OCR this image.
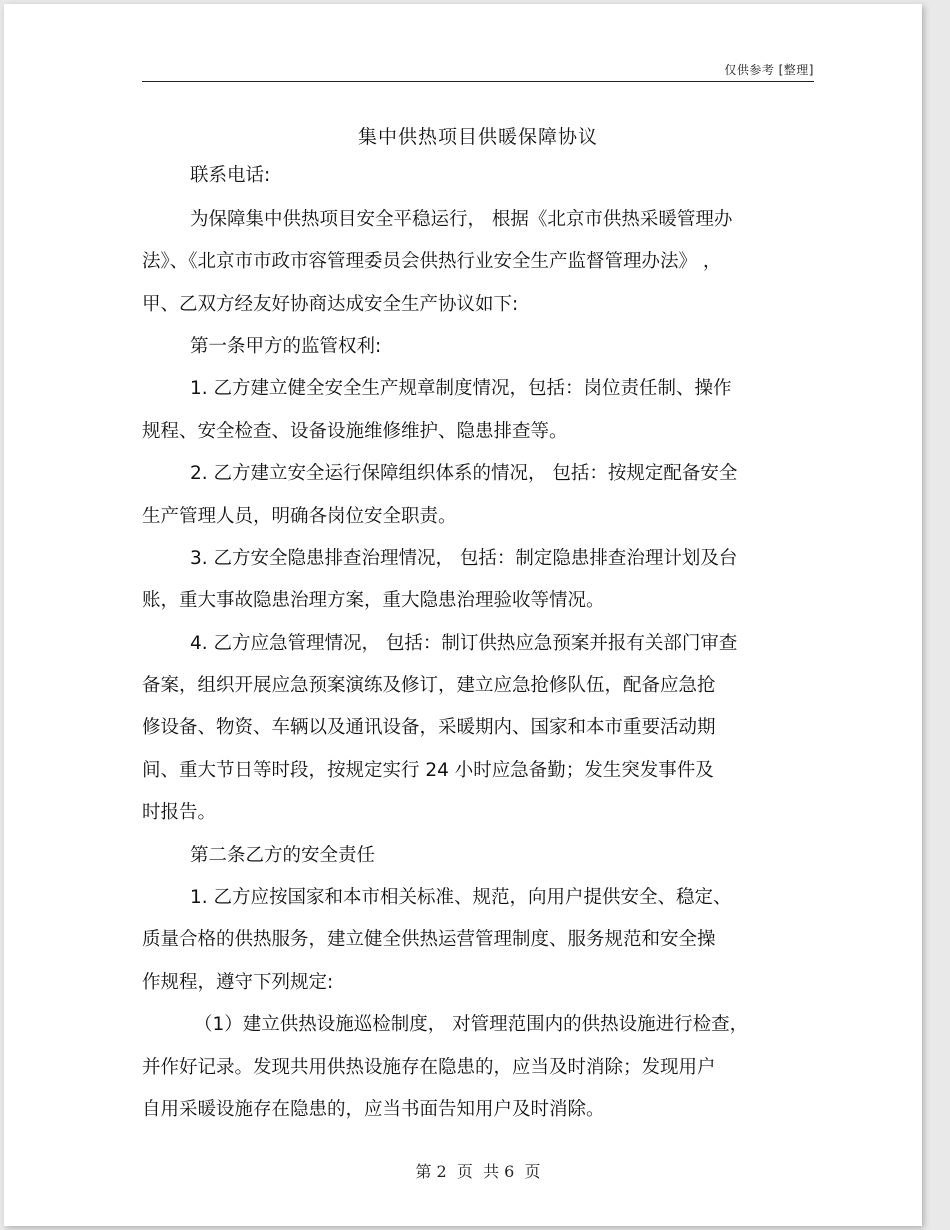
仅供参考 [整理]
集中供热项目供暖保障协议
联系电话:
为保障集中供热项目安全平稳运行， 根据《北京市供热采暖管理办
法》、《北京市市政市容管理委员会供热行业安全生产监督管理办法》 ，
甲、乙双方经友好协商达成安全生产协议如下:
第一条甲方的监管权利:
1. 乙方建立健全安全生产规章制度情况，包括：岗位责任制、操作
规程、安全检查、设备设施维修维护、隐患排查等。
2. 乙方建立安全运行保障组织体系的情况， 包括：按规定配备安全
生产管理人员，明确各岗位安全职责。
3. 乙方安全隐患排查治理情况， 包括：制定隐患排查治理计划及台
账，重大事故隐患治理方案，重大隐患治理验收等情况。
4. 乙方应急管理情况， 包括：制订供热应急预案并报有关部门审查
备案，组织开展应急预案演练及修订，建立应急抢修队伍，配备应急抢
修设备、物资、车辆以及通讯设备，采暖期内、国家和本市重要活动期
间、重大节日等时段，按规定实行 24 小时应急备勤；发生突发事件及
时报告。
第二条乙方的安全责任
1. 乙方应按国家和本市相关标准、规范，向用户提供安全、稳定、
质量合格的供热服务，建立健全供热运营管理制度、服务规范和安全操
作规程，遵守下列规定:
（1）建立供热设施巡检制度， 对管理范围内的供热设施进行检查，
并作好记录。发现共用供热设施存在隐患的，应当及时消除；发现用户
自用采暖设施存在隐患的，应当书面告知用户及时消除。
第 2  页  共 6  页
